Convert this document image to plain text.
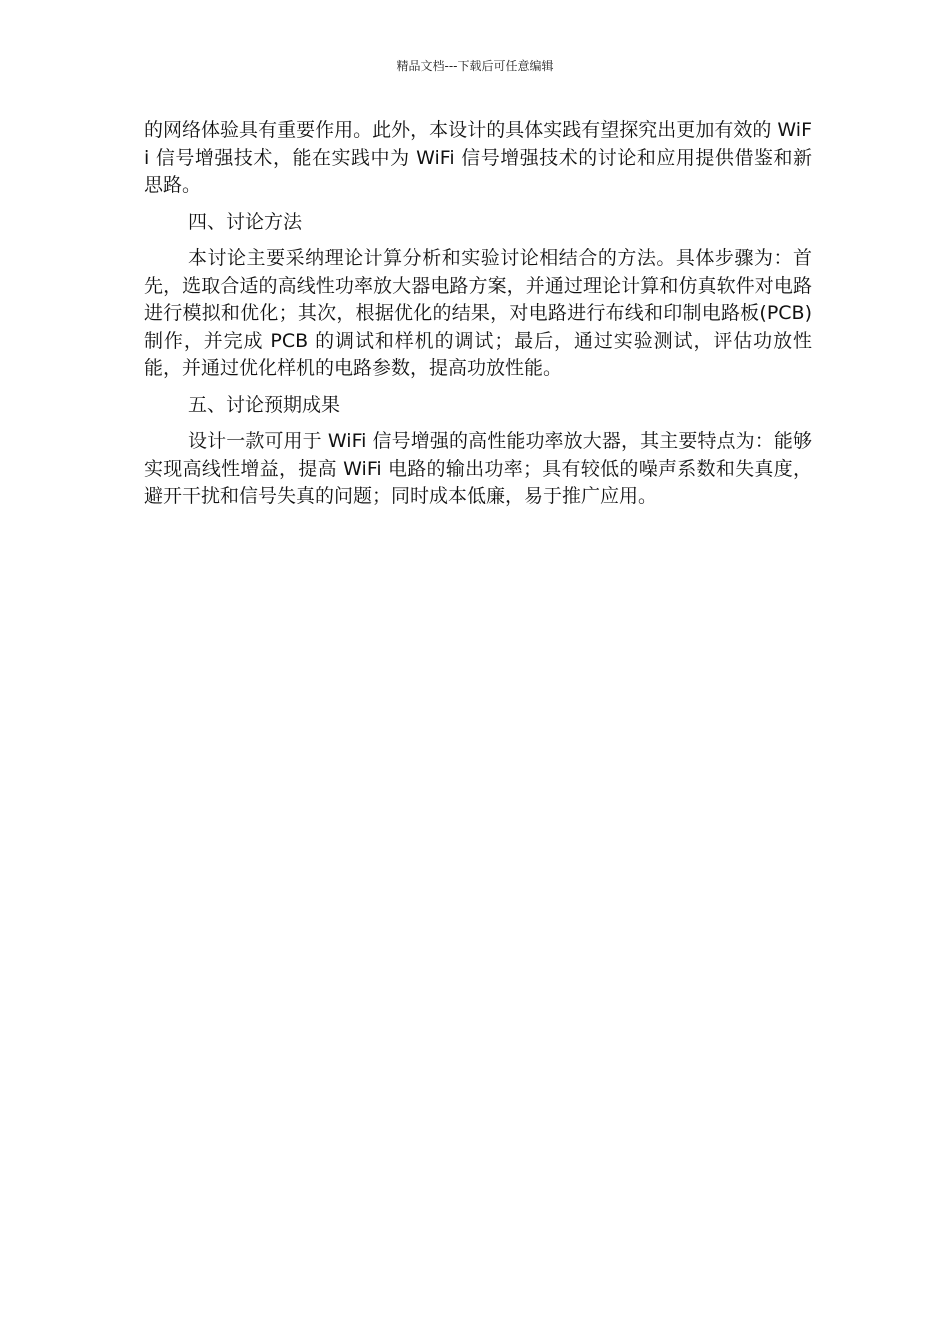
精品文档---下载后可任意编辑

的网络体验具有重要作用。此外，本设计的具体实践有望探究出更加有效的 WiFi 信号增强技术，能在实践中为 WiFi 信号增强技术的讨论和应用提供借鉴和新思路。

四、讨论方法

本讨论主要采纳理论计算分析和实验讨论相结合的方法。具体步骤为：首先，选取合适的高线性功率放大器电路方案，并通过理论计算和仿真软件对电路进行模拟和优化；其次，根据优化的结果，对电路进行布线和印制电路板(PCB)制作，并完成 PCB 的调试和样机的调试；最后，通过实验测试，评估功放性能，并通过优化样机的电路参数，提高功放性能。

五、讨论预期成果

设计一款可用于 WiFi 信号增强的高性能功率放大器，其主要特点为：能够实现高线性增益，提高 WiFi 电路的输出功率；具有较低的噪声系数和失真度，避开干扰和信号失真的问题；同时成本低廉，易于推广应用。
